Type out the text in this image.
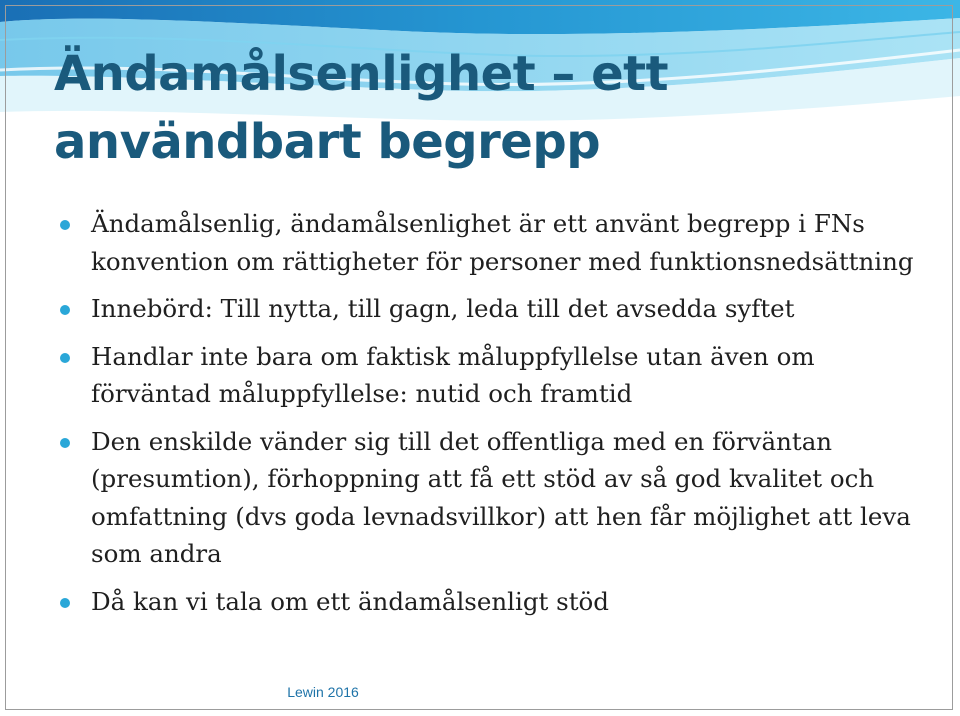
Ändamålsenlighet – ett
användbart begrepp
Ändamålsenlig, ändamålsenlighet är ett använt begrepp i FNs konvention om rättigheter för personer med funktionsnedsättning
Innebörd: Till nytta, till gagn, leda till det avsedda syftet
Handlar inte bara om faktisk måluppfyllelse utan även om förväntad måluppfyllelse: nutid och framtid
Den enskilde vänder sig till det offentliga med en förväntan (presumtion), förhoppning att få ett stöd av så god kvalitet och omfattning (dvs goda levnadsvillkor) att hen får möjlighet att leva som andra
Då kan vi tala om ett ändamålsenligt stöd
Lewin 2016
